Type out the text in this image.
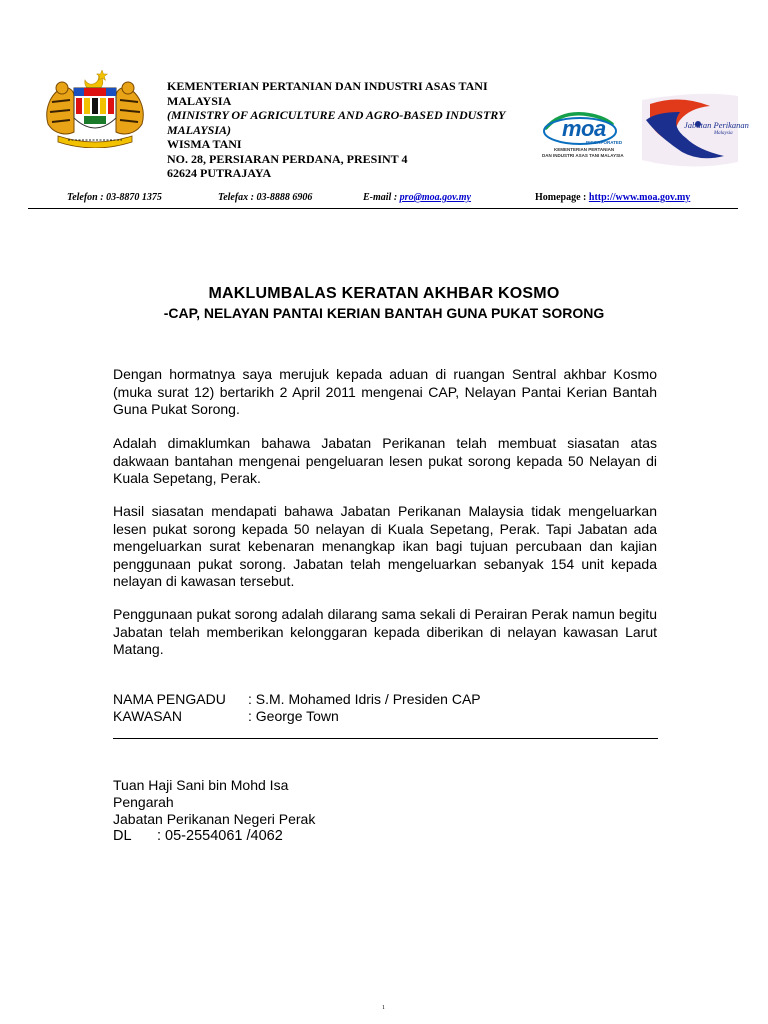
KEMENTERIAN PERTANIAN DAN INDUSTRI ASAS TANI MALAYSIA
(MINISTRY OF AGRICULTURE AND AGRO-BASED INDUSTRY MALAYSIA)
WISMA TANI
NO. 28, PERSIARAN PERDANA, PRESINT 4
62624 PUTRAJAYA
moa
INCORPORATED
KEMENTERIAN PERTANIAN
DAN INDUSTRI ASAS TANI MALAYSIA
Jabatan Perikanan
Malaysia
Telefon : 03-8870 1375	Telefax : 03-8888 6906	E-mail : pro@moa.gov.my	Homepage : http://www.moa.gov.my
MAKLUMBALAS KERATAN AKHBAR KOSMO
-CAP, NELAYAN PANTAI KERIAN BANTAH GUNA PUKAT SORONG
Dengan hormatnya saya merujuk kepada aduan di ruangan Sentral akhbar Kosmo (muka surat 12) bertarikh 2 April 2011 mengenai CAP, Nelayan Pantai Kerian Bantah Guna Pukat Sorong.
Adalah dimaklumkan bahawa Jabatan Perikanan telah membuat siasatan atas dakwaan bantahan mengenai pengeluaran lesen pukat sorong kepada 50 Nelayan di Kuala Sepetang, Perak.
Hasil siasatan mendapati bahawa Jabatan Perikanan Malaysia tidak mengeluarkan lesen pukat sorong kepada 50 nelayan di Kuala Sepetang, Perak. Tapi Jabatan ada mengeluarkan surat kebenaran menangkap ikan bagi tujuan percubaan dan kajian penggunaan pukat sorong. Jabatan telah mengeluarkan sebanyak 154 unit kepada nelayan di kawasan tersebut.
Penggunaan pukat sorong adalah dilarang sama sekali di Perairan Perak namun begitu Jabatan telah memberikan kelonggaran kepada diberikan di nelayan kawasan Larut Matang.
NAMA PENGADU : S.M. Mohamed Idris / Presiden CAP
KAWASAN	: George Town
Tuan Haji Sani bin Mohd Isa
Pengarah
Jabatan Perikanan Negeri Perak
DL : 05-2554061 /4062
1
